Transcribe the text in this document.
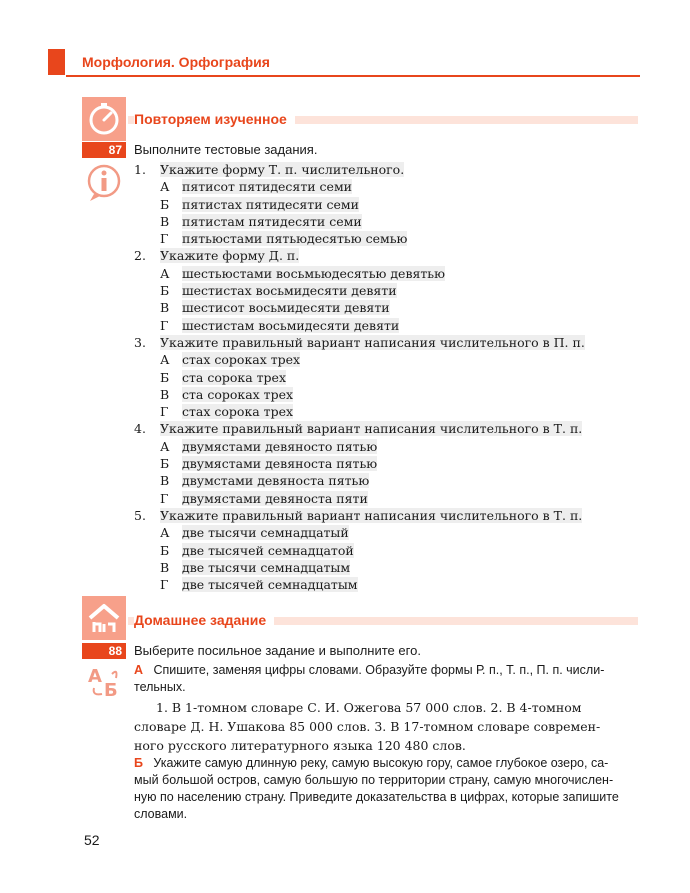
Морфология. Орфография
Повторяем изученное
87 Выполните тестовые задания.
1. Укажите форму Т. п. числительного.
А пятисот пятидесяти семи
Б пятистах пятидесяти семи
В пятистам пятидесяти семи
Г пятьюстами пятьюдесятью семью
2. Укажите форму Д. п.
А шестьюстами восьмьюдесятью девятью
Б шестистах восьмидесяти девяти
В шестисот восьмидесяти девяти
Г шестистам восьмидесяти девяти
3. Укажите правильный вариант написания числительного в П. п.
А стах сороках трех
Б ста сорока трех
В ста сороках трех
Г стах сорока трех
4. Укажите правильный вариант написания числительного в Т. п.
А двумястами девяносто пятью
Б двумястами девяноста пятью
В двумстами девяноста пятью
Г двумястами девяноста пяти
5. Укажите правильный вариант написания числительного в Т. п.
А две тысячи семнадцатый
Б две тысячей семнадцатой
В две тысячи семнадцатым
Г две тысячей семнадцатым
Домашнее задание
88 Выберите посильное задание и выполните его.
А
Б
А Спишите, заменяя цифры словами. Образуйте формы Р. п., Т. п., П. п. числи-
тельных.
1. В 1-томном словаре С. И. Ожегова 57 000 слов. 2. В 4-томном
словаре Д. Н. Ушакова 85 000 слов. 3. В 17-томном словаре современ-
ного русского литературного языка 120 480 слов.
Б Укажите самую длинную реку, самую высокую гору, самое глубокое озеро, са-
мый большой остров, самую большую по территории страну, самую многочислен-
ную по населению страну. Приведите доказательства в цифрах, которые запишите
словами.
52
